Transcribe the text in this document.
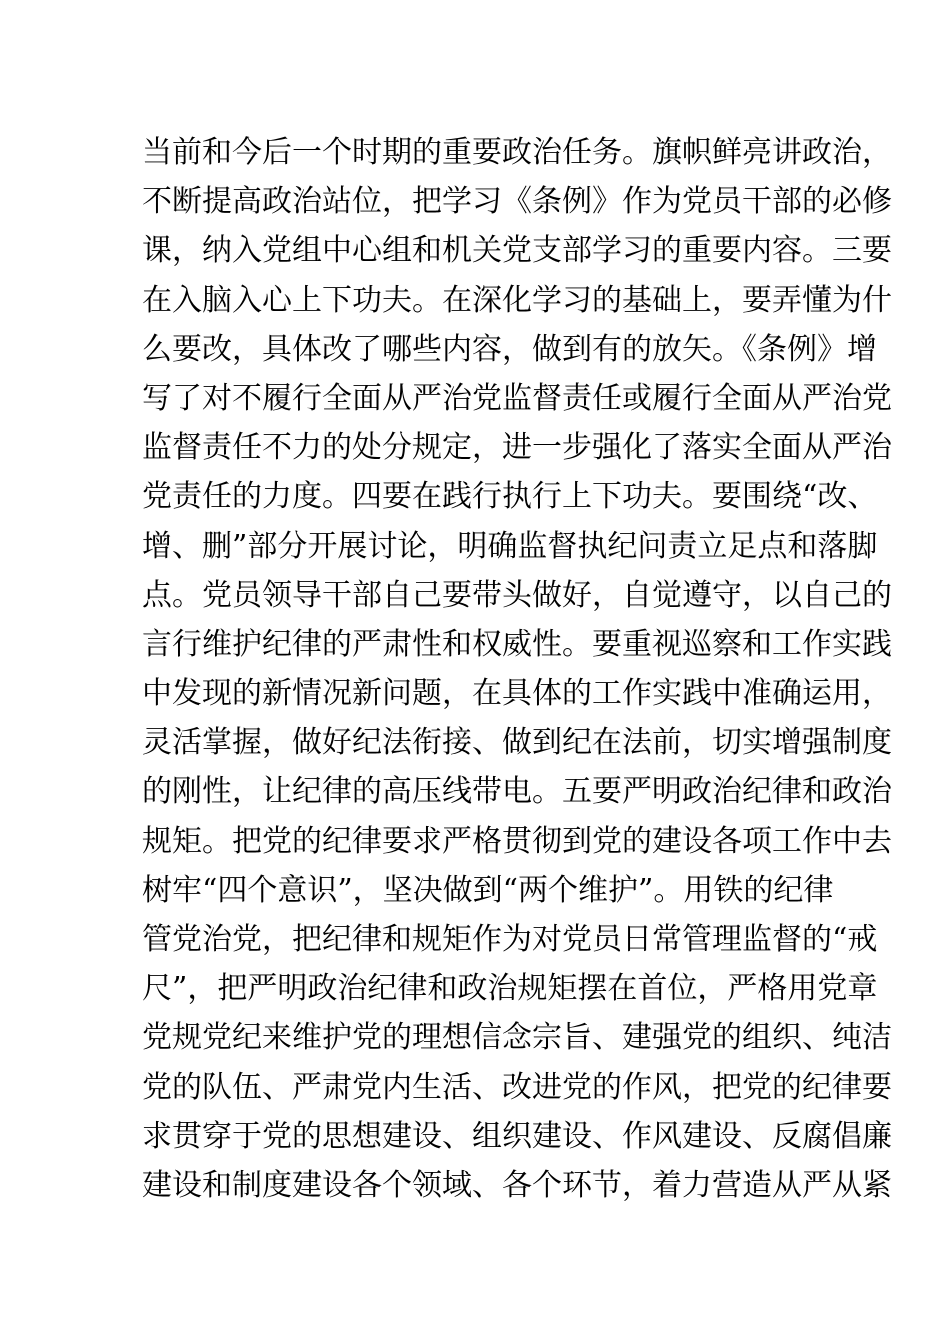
当前和今后一个时期的重要政治任务。旗帜鲜亮讲政治，
不断提高政治站位，把学习《条例》作为党员干部的必修
课，纳入党组中心组和机关党支部学习的重要内容。三要
在入脑入心上下功夫。在深化学习的基础上，要弄懂为什
么要改，具体改了哪些内容，做到有的放矢。《条例》增
写了对不履行全面从严治党监督责任或履行全面从严治党
监督责任不力的处分规定，进一步强化了落实全面从严治
党责任的力度。四要在践行执行上下功夫。要围绕“改、
增、删”部分开展讨论，明确监督执纪问责立足点和落脚
点。党员领导干部自己要带头做好，自觉遵守，以自己的
言行维护纪律的严肃性和权威性。要重视巡察和工作实践
中发现的新情况新问题，在具体的工作实践中准确运用，
灵活掌握，做好纪法衔接、做到纪在法前，切实增强制度
的刚性，让纪律的高压线带电。五要严明政治纪律和政治
规矩。把党的纪律要求严格贯彻到党的建设各项工作中去
树牢“四个意识”，坚决做到“两个维护”。用铁的纪律
管党治党，把纪律和规矩作为对党员日常管理监督的“戒
尺”，把严明政治纪律和政治规矩摆在首位，严格用党章
党规党纪来维护党的理想信念宗旨、建强党的组织、纯洁
党的队伍、严肃党内生活、改进党的作风，把党的纪律要
求贯穿于党的思想建设、组织建设、作风建设、反腐倡廉
建设和制度建设各个领域、各个环节，着力营造从严从紧
